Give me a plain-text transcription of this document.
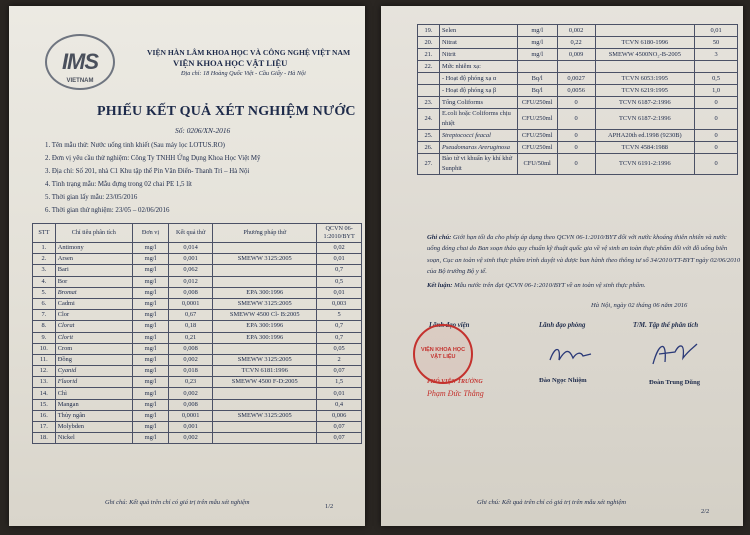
IMS
VIETNAM
VIỆN HÀN LÂM KHOA HỌC VÀ CÔNG NGHỆ VIỆT NAM
VIỆN KHOA HỌC VẬT LIỆU
Địa chỉ: 18 Hoàng Quốc Việt - Cầu Giấy - Hà Nội
PHIẾU KẾT QUẢ XÉT NGHIỆM NƯỚC
Số: 0206/XN-2016
1. Tên mẫu thử: Nước uống tinh khiết (Sau máy lọc LOTUS.RO)
2. Đơn vị yêu cầu thử nghiệm: Công Ty TNHH Ứng Dụng Khoa Học Việt Mỹ
3. Địa chỉ: Số 201, nhà C1 Khu tập thể Pin Văn Điển- Thanh Trì – Hà Nội
4. Tình trạng mẫu: Mẫu đựng trong 02 chai PE 1,5 lít
5. Thời gian lấy mẫu: 23/05/2016
6. Thời gian thử nghiệm: 23/05 – 02/06/2016
STT	Chỉ tiêu phân tích	Đơn vị	Kết quả thử	Phương pháp thử	QCVN 06-1:2010/BYT
1.	Antimony	mg/l	0,014		0,02
2.	Arsen	mg/l	0,001	SMEWW 3125:2005	0,01
3.	Bari	mg/l	0,062		0,7
4.	Bor	mg/l	0,012		0,5
5.	Bromat	mg/l	0,008	EPA 300:1996	0,01
6.	Cadmi	mg/l	0,0001	SMEWW 3125:2005	0,003
7.	Clor	mg/l	0,67	SMEWW 4500 Cl- B:2005	5
8.	Clorat	mg/l	0,18	EPA 300:1996	0,7
9.	Clorit	mg/l	0,21	EPA 300:1996	0,7
10.	Crom	mg/l	0,008		0,05
11.	Đồng	mg/l	0,002	SMEWW 3125:2005	2
12.	Cyanid	mg/l	0,018	TCVN 6181:1996	0,07
13.	Fluorid	mg/l	0,23	SMEWW 4500 F-D:2005	1,5
14.	Chì	mg/l	0,002		0,01
15.	Mangan	mg/l	0,008		0,4
16.	Thủy ngân	mg/l	0,0001	SMEWW 3125:2005	0,006
17.	Molybden	mg/l	0,001		0,07
18.	Nickel	mg/l	0,002		0,07
Ghi chú: Kết quả trên chỉ có giá trị trên mẫu xét nghiệm
1/2
19.	Selen	mg/l	0,002		0,01
20.	Nitrat	mg/l	0,22	TCVN 6180-1996	50
21.	Nitrit	mg/l	0,009	SMEWW 4500NO₂-B-2005	3
22.	Mức nhiễm xạ:				
	- Hoạt độ phóng xạ α	Bq/l	0,0027	TCVN 6053:1995	0,5
	- Hoạt độ phóng xạ β	Bq/l	0,0056	TCVN 6219:1995	1,0
23.	Tổng Coliforms	CFU/250ml	0	TCVN 6187-2:1996	0
24.	E.coli hoặc Coliforms chịu nhiệt	CFU/250ml	0	TCVN 6187-2:1996	0
25.	Streptococci feacal	CFU/250ml	0	APHA20th ed.1998 (9230B)	0
26.	Pseudomaras Areruginosa	CFU/250ml	0	TCVN 4584:1988	0
27.	Bào tử vi khuẩn ky khí khử Sunphit	CFU/50ml	0	TCVN 6191-2:1996	0
Ghi chú: Giới hạn tối đa cho phép áp dụng theo QCVN 06-1:2010/BYT đối với nước khoáng thiên nhiên và nước uống đóng chai do Ban soạn thảo quy chuẩn kỹ thuật quốc gia về vệ sinh an toàn thực phẩm đối với đồ uống biên soạn, Cục an toàn vệ sinh thực phẩm trình duyệt và được ban hành theo thông tư số 34/2010/TT-BYT ngày 02/06/2010 của Bộ trưởng Bộ y tế.
Kết luận: Mẫu nước trên đạt QCVN 06-1:2010/BYT về an toàn vệ sinh thực phẩm.
Hà Nội, ngày 02 tháng 06 năm 2016
Lãnh đạo viện	Lãnh đạo phòng	T/M. Tập thể phân tích
VIỆN KHOA HỌC VẬT LIỆU
PHÓ VIỆN TRƯỞNG
Phạm Đức Thắng
Đào Ngọc Nhiệm	Đoàn Trung Dũng
Ghi chú: Kết quả trên chỉ có giá trị trên mẫu xét nghiệm
2/2
